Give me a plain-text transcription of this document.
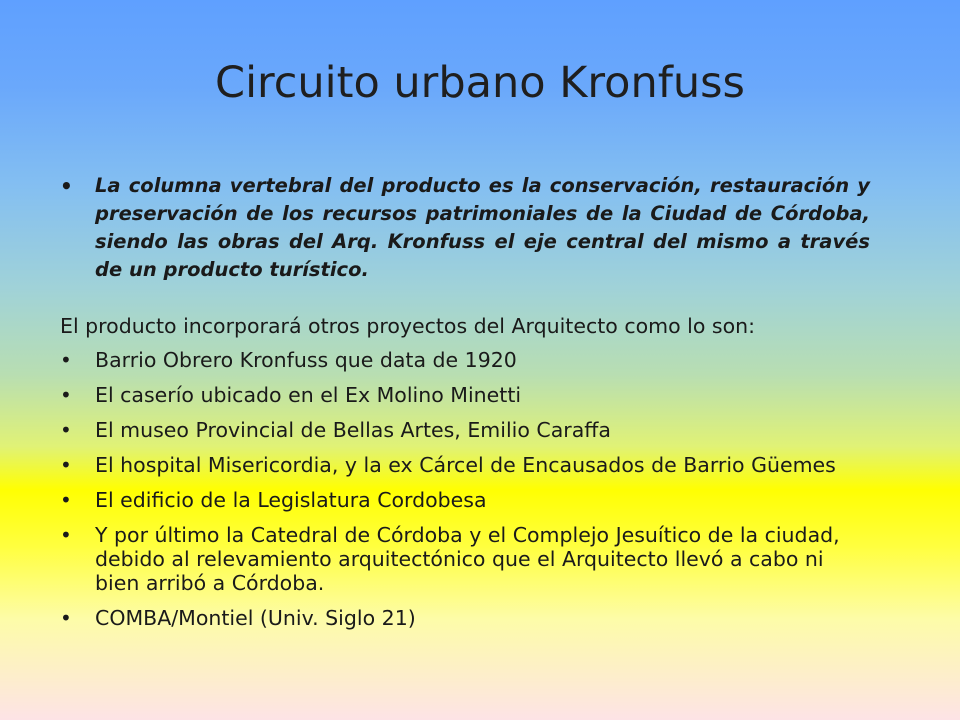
Circuito urbano Kronfuss
• La columna vertebral del producto es la conservación, restauración y preservación de los recursos patrimoniales de la Ciudad de Córdoba, siendo las obras del Arq. Kronfuss el eje central del mismo a través de un producto turístico.

El producto incorporará otros proyectos del Arquitecto como lo son:

• Barrio Obrero Kronfuss que data de 1920
• El caserío ubicado en el Ex Molino Minetti
• El museo Provincial de Bellas Artes, Emilio Caraffa
• El hospital Misericordia, y la ex Cárcel de Encausados de Barrio Güemes
• El edificio de la Legislatura Cordobesa
• Y por último la Catedral de Córdoba y el Complejo Jesuítico de la ciudad, debido al relevamiento arquitectónico que el Arquitecto llevó a cabo ni bien arribó a Córdoba.
• COMBA/Montiel (Univ. Siglo 21)
